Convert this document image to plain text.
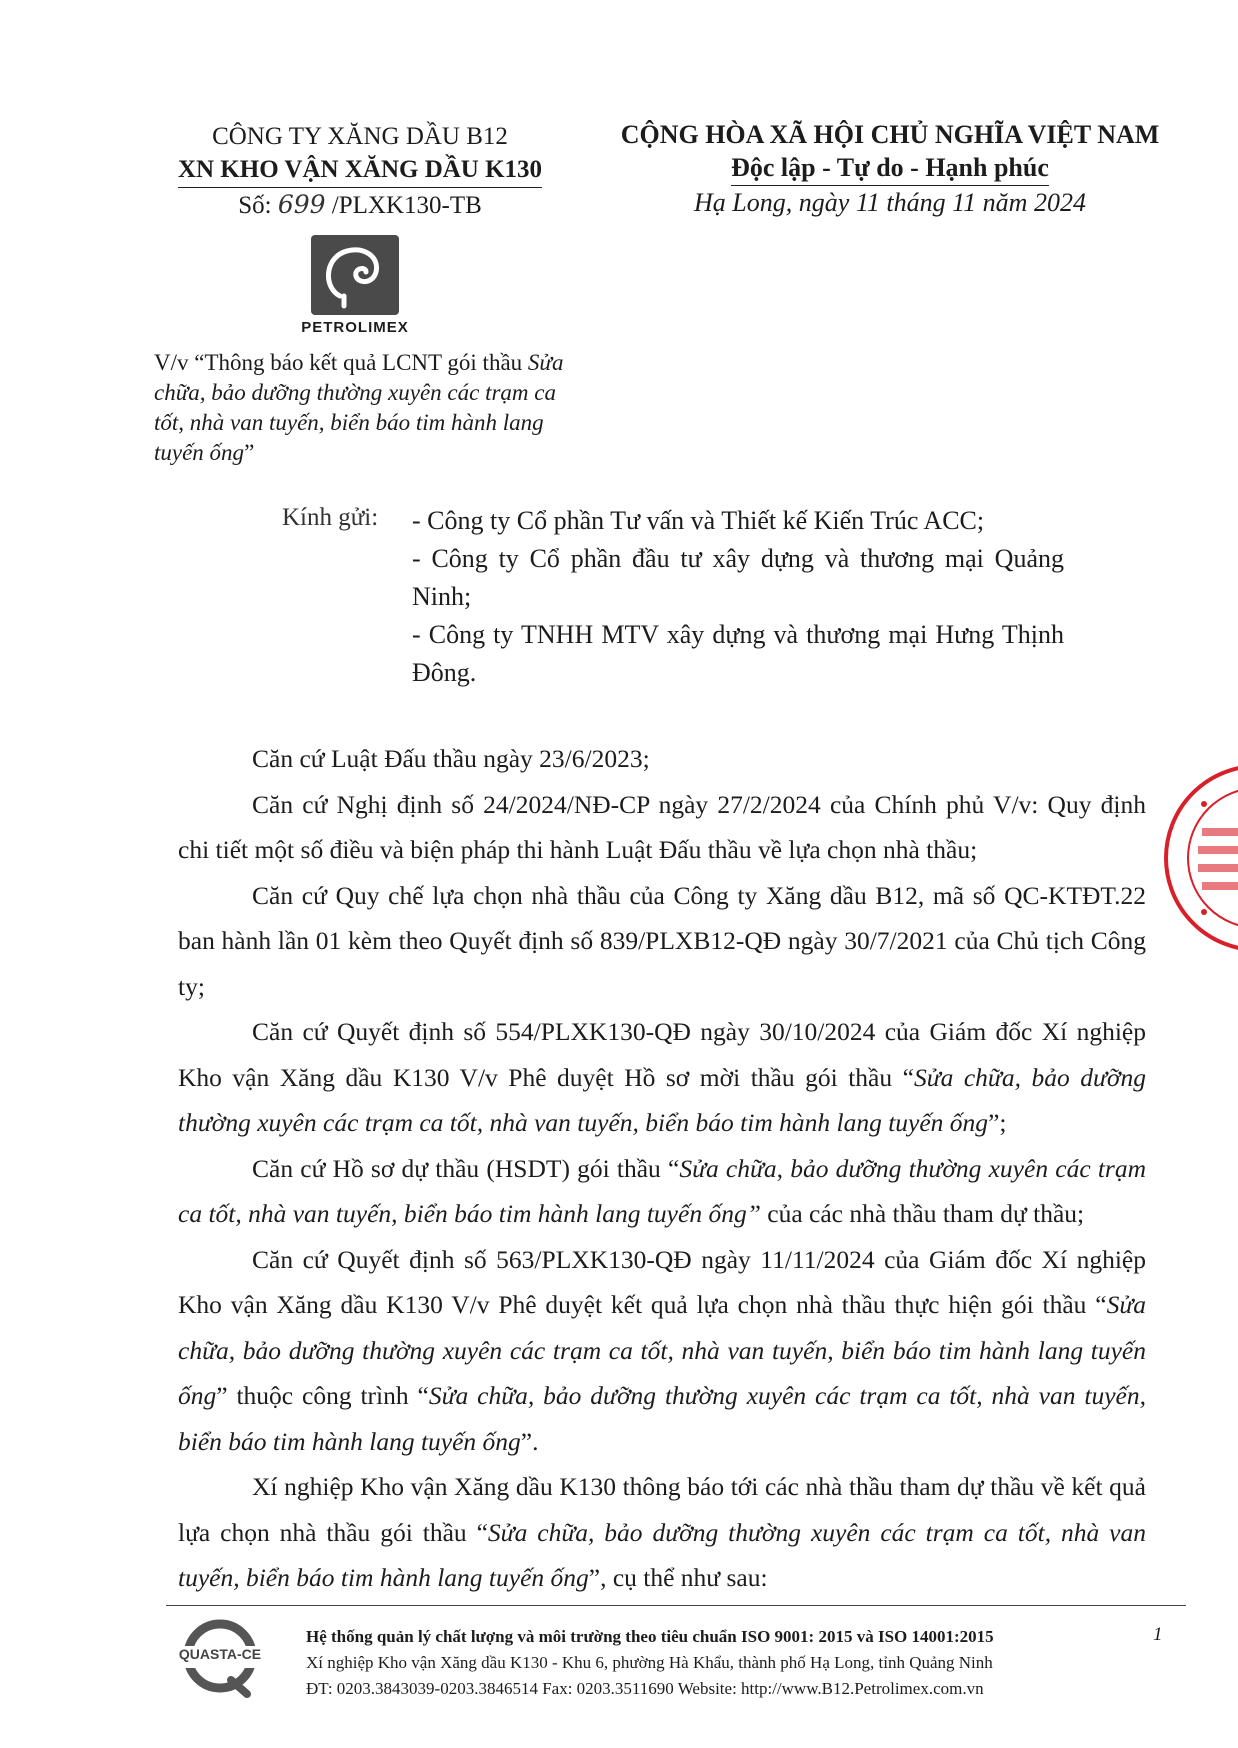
CÔNG TY XĂNG DẦU B12
XN KHO VẬN XĂNG DẦU K130
Số: 699 /PLXK130-TB
CỘNG HÒA XÃ HỘI CHỦ NGHĨA VIỆT NAM
Độc lập - Tự do - Hạnh phúc
Hạ Long, ngày 11 tháng 11 năm 2024
PETROLIMEX
V/v “Thông báo kết quả LCNT gói thầu Sửa chữa, bảo dưỡng thường xuyên các trạm ca tốt, nhà van tuyến, biển báo tim hành lang tuyến ống”
Kính gửi: - Công ty Cổ phần Tư vấn và Thiết kế Kiến Trúc ACC;
- Công ty Cổ phần đầu tư xây dựng và thương mại Quảng Ninh;
- Công ty TNHH MTV xây dựng và thương mại Hưng Thịnh Đông.

Căn cứ Luật Đấu thầu ngày 23/6/2023;

Căn cứ Nghị định số 24/2024/NĐ-CP ngày 27/2/2024 của Chính phủ V/v: Quy định chi tiết một số điều và biện pháp thi hành Luật Đấu thầu về lựa chọn nhà thầu;

Căn cứ Quy chế lựa chọn nhà thầu của Công ty Xăng dầu B12, mã số QC-KTĐT.22 ban hành lần 01 kèm theo Quyết định số 839/PLXB12-QĐ ngày 30/7/2021 của Chủ tịch Công ty;

Căn cứ Quyết định số 554/PLXK130-QĐ ngày 30/10/2024 của Giám đốc Xí nghiệp Kho vận Xăng dầu K130 V/v Phê duyệt Hồ sơ mời thầu gói thầu “Sửa chữa, bảo dưỡng thường xuyên các trạm ca tốt, nhà van tuyến, biển báo tim hành lang tuyến ống”;

Căn cứ Hồ sơ dự thầu (HSDT) gói thầu “Sửa chữa, bảo dưỡng thường xuyên các trạm ca tốt, nhà van tuyến, biển báo tim hành lang tuyến ống” của các nhà thầu tham dự thầu;

Căn cứ Quyết định số 563/PLXK130-QĐ ngày 11/11/2024 của Giám đốc Xí nghiệp Kho vận Xăng dầu K130 V/v Phê duyệt kết quả lựa chọn nhà thầu thực hiện gói thầu “Sửa chữa, bảo dưỡng thường xuyên các trạm ca tốt, nhà van tuyến, biển báo tim hành lang tuyến ống” thuộc công trình “Sửa chữa, bảo dưỡng thường xuyên các trạm ca tốt, nhà van tuyến, biển báo tim hành lang tuyến ống”.

Xí nghiệp Kho vận Xăng dầu K130 thông báo tới các nhà thầu tham dự thầu về kết quả lựa chọn nhà thầu gói thầu “Sửa chữa, bảo dưỡng thường xuyên các trạm ca tốt, nhà van tuyến, biển báo tim hành lang tuyến ống”, cụ thể như sau:

QUASTA-CE
Hệ thống quản lý chất lượng và môi trường theo tiêu chuẩn ISO 9001: 2015 và ISO 14001:2015
Xí nghiệp Kho vận Xăng dầu K130 - Khu 6, phường Hà Khẩu, thành phố Hạ Long, tỉnh Quảng Ninh
ĐT: 0203.3843039-0203.3846514 Fax: 0203.3511690 Website: http://www.B12.Petrolimex.com.vn
1
